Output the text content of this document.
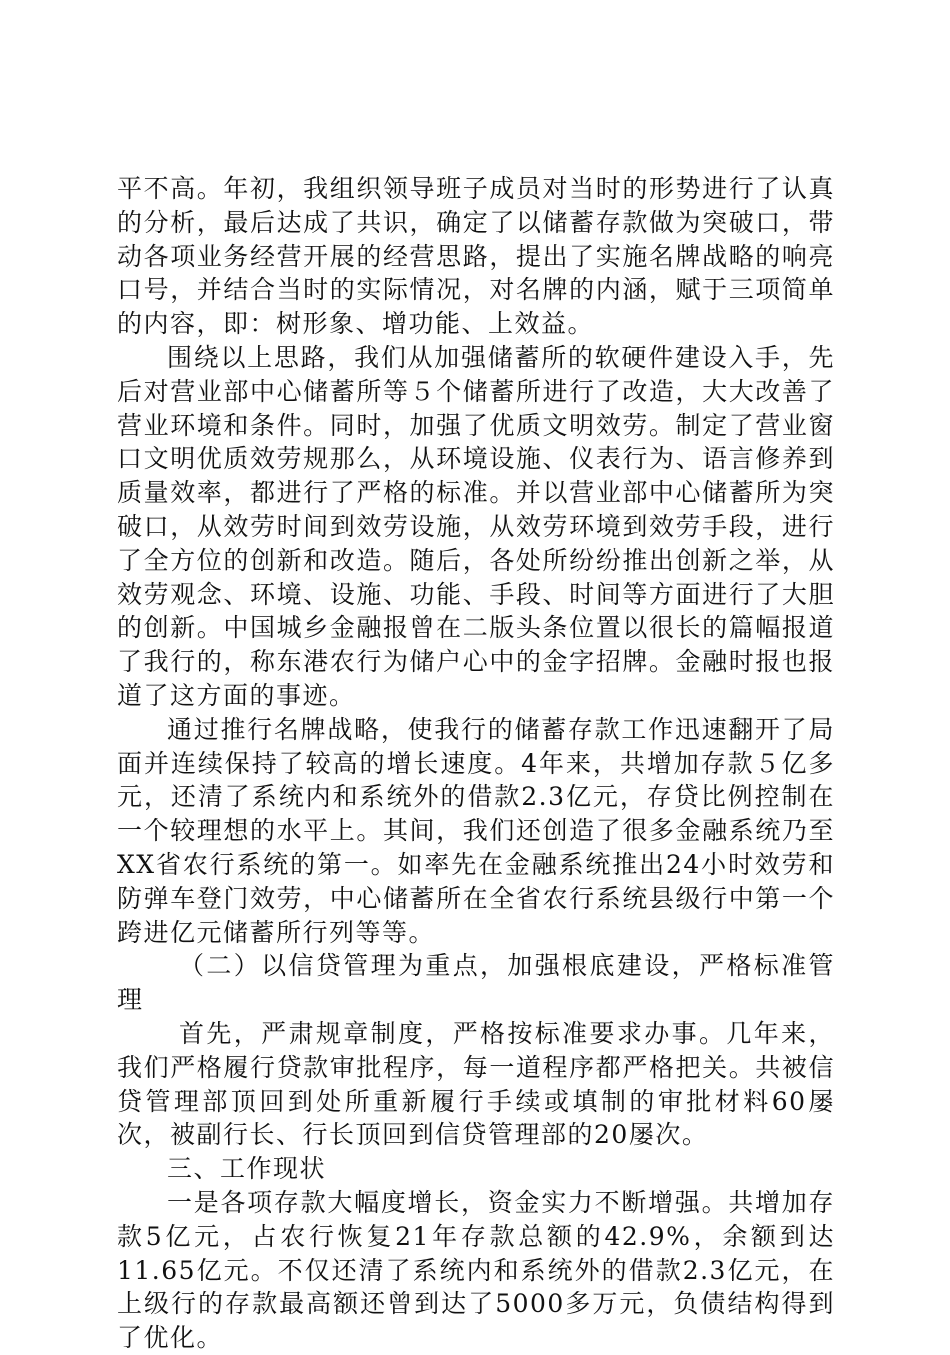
平不高。年初，我组织领导班子成员对当时的形势进行了认真的分析，最后达成了共识，确定了以储蓄存款做为突破口，带动各项业务经营开展的经营思路，提出了实施名牌战略的响亮口号，并结合当时的实际情况，对名牌的内涵，赋于三项简单的内容，即：树形象、增功能、上效益。

围绕以上思路，我们从加强储蓄所的软硬件建设入手，先后对营业部中心储蓄所等５个储蓄所进行了改造，大大改善了营业环境和条件。同时，加强了优质文明效劳。制定了营业窗口文明优质效劳规那么，从环境设施、仪表行为、语言修养到质量效率，都进行了严格的标准。并以营业部中心储蓄所为突破口，从效劳时间到效劳设施，从效劳环境到效劳手段，进行了全方位的创新和改造。随后，各处所纷纷推出创新之举，从效劳观念、环境、设施、功能、手段、时间等方面进行了大胆的创新。中国城乡金融报曾在二版头条位置以很长的篇幅报道了我行的，称东港农行为储户心中的金字招牌。金融时报也报道了这方面的事迹。

通过推行名牌战略，使我行的储蓄存款工作迅速翻开了局面并连续保持了较高的增长速度。4年来，共增加存款５亿多元，还清了系统内和系统外的借款2.3亿元，存贷比例控制在一个较理想的水平上。其间，我们还创造了很多金融系统乃至XX省农行系统的第一。如率先在金融系统推出24小时效劳和防弹车登门效劳，中心储蓄所在全省农行系统县级行中第一个跨进亿元储蓄所行列等等。

（二）以信贷管理为重点，加强根底建设，严格标准管理

首先，严肃规章制度，严格按标准要求办事。几年来，我们严格履行贷款审批程序，每一道程序都严格把关。共被信贷管理部顶回到处所重新履行手续或填制的审批材料60屡次，被副行长、行长顶回到信贷管理部的20屡次。

三、工作现状

一是各项存款大幅度增长，资金实力不断增强。共增加存款5亿元，占农行恢复21年存款总额的42.9%，余额到达11.65亿元。不仅还清了系统内和系统外的借款2.3亿元，在上级行的存款最高额还曾到达了5000多万元，负债结构得到了优化。
